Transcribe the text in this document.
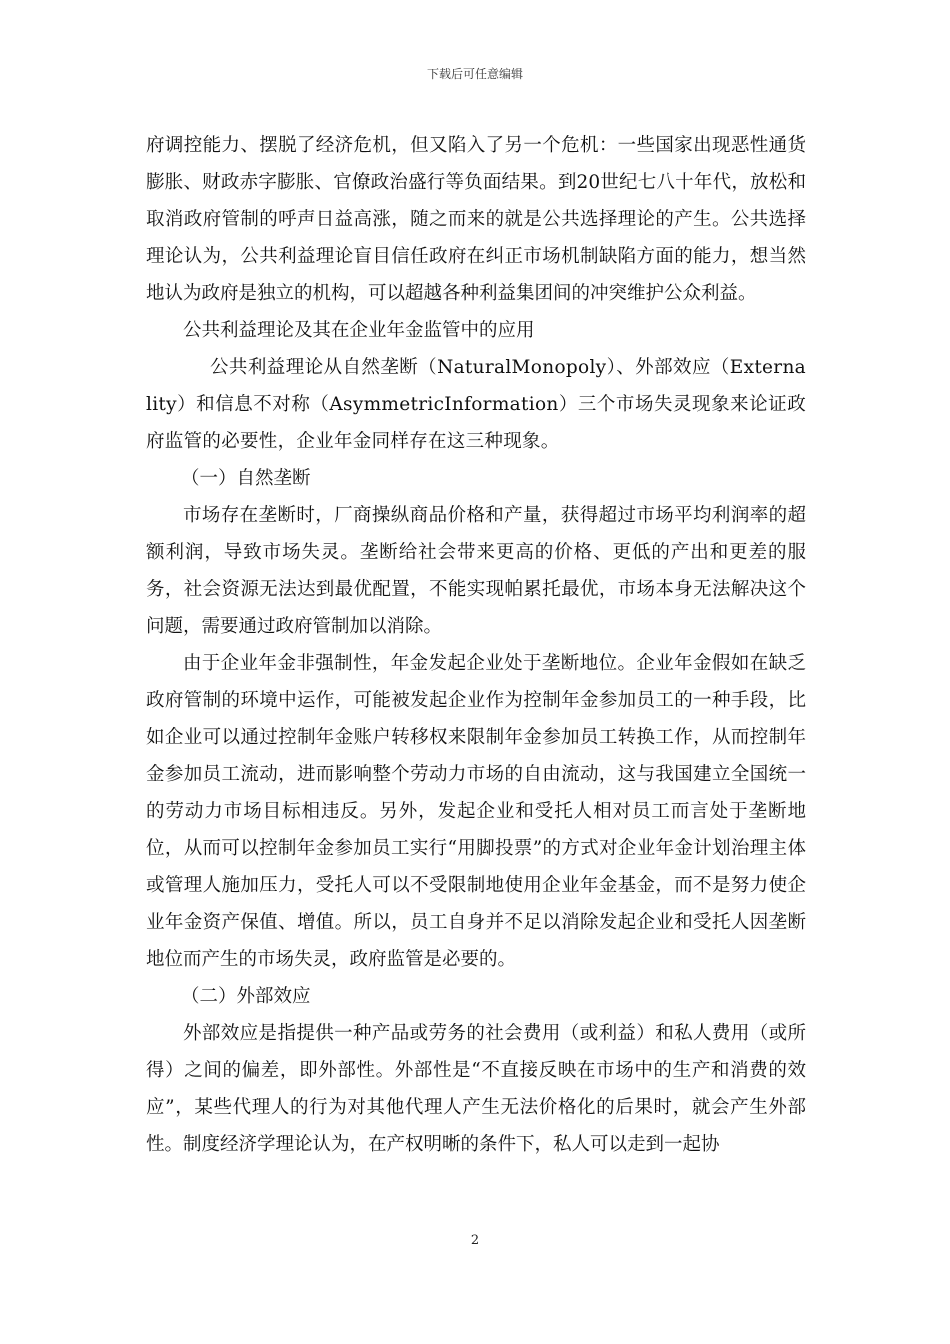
下载后可任意编辑

府调控能力、摆脱了经济危机，但又陷入了另一个危机：一些国家出现恶性通货膨胀、财政赤字膨胀、官僚政治盛行等负面结果。到20世纪七八十年代，放松和取消政府管制的呼声日益高涨，随之而来的就是公共选择理论的产生。公共选择理论认为，公共利益理论盲目信任政府在纠正市场机制缺陷方面的能力，想当然地认为政府是独立的机构，可以超越各种利益集团间的冲突维护公众利益。

公共利益理论及其在企业年金监管中的应用

公共利益理论从自然垄断（NaturalMonopoly）、外部效应（Externality）和信息不对称（AsymmetricInformation）三个市场失灵现象来论证政府监管的必要性，企业年金同样存在这三种现象。

（一）自然垄断

市场存在垄断时，厂商操纵商品价格和产量，获得超过市场平均利润率的超额利润，导致市场失灵。垄断给社会带来更高的价格、更低的产出和更差的服务，社会资源无法达到最优配置，不能实现帕累托最优，市场本身无法解决这个问题，需要通过政府管制加以消除。

由于企业年金非强制性，年金发起企业处于垄断地位。企业年金假如在缺乏政府管制的环境中运作，可能被发起企业作为控制年金参加员工的一种手段，比如企业可以通过控制年金账户转移权来限制年金参加员工转换工作，从而控制年金参加员工流动，进而影响整个劳动力市场的自由流动，这与我国建立全国统一的劳动力市场目标相违反。另外，发起企业和受托人相对员工而言处于垄断地位，从而可以控制年金参加员工实行“用脚投票”的方式对企业年金计划治理主体或管理人施加压力，受托人可以不受限制地使用企业年金基金，而不是努力使企业年金资产保值、增值。所以，员工自身并不足以消除发起企业和受托人因垄断地位而产生的市场失灵，政府监管是必要的。

（二）外部效应

外部效应是指提供一种产品或劳务的社会费用（或利益）和私人费用（或所得）之间的偏差，即外部性。外部性是“不直接反映在市场中的生产和消费的效应”，某些代理人的行为对其他代理人产生无法价格化的后果时，就会产生外部性。制度经济学理论认为，在产权明晰的条件下，私人可以走到一起协

2
